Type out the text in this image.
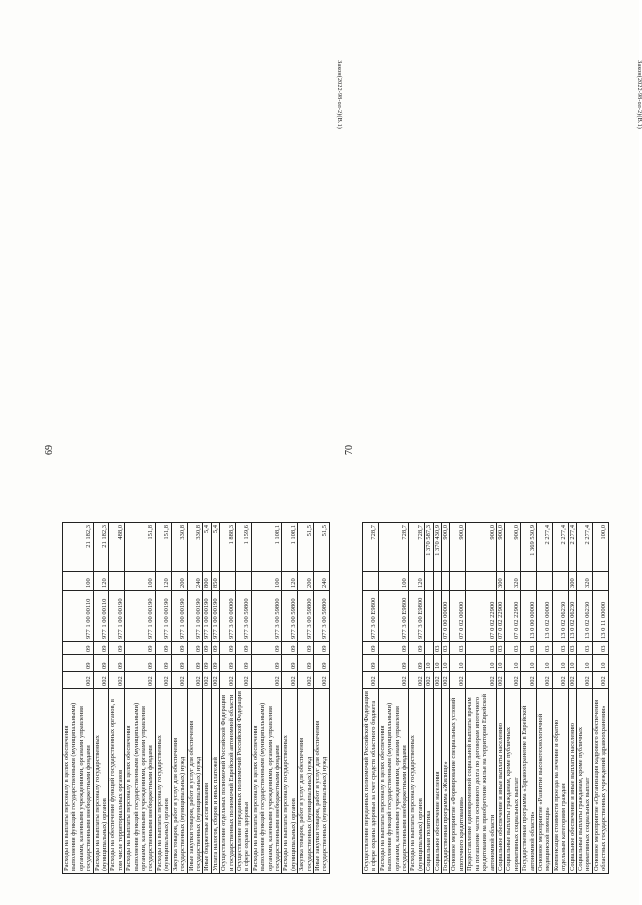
69
Расходы на выплаты персоналу в целях обеспечения выполнения функций государственными (муниципальными) органами, казенными учреждениями, органами управления государственными внебюджетными фондами	002	09	09	977 1 00 00110	100	21 182,3
Расходы на выплаты персоналу государственных (муниципальных) органов	002	09	09	977 1 00 00110	120	21 182,3
Расходы на обеспечение функций государственных органов, в том числе территориальных органов	002	09	09	977 1 00 00190		488,0
Расходы на выплаты персоналу в целях обеспечения выполнения функций государственными (муниципальными) органами, казенными учреждениями, органами управления государственными внебюджетными фондами	002	09	09	977 1 00 00190	100	151,8
Расходы на выплаты персоналу государственных (муниципальных) органов	002	09	09	977 1 00 00190	120	151,8
Закупка товаров, работ и услуг для обеспечения государственных (муниципальных) нужд	002	09	09	977 1 00 00190	200	330,8
Иные закупки товаров, работ и услуг для обеспечения государственных (муниципальных) нужд	002	09	09	977 1 00 00190	240	330,8
Иные бюджетные ассигнования	002	09	09	977 1 00 00190	800	5,4
Уплата налогов, сборов и иных платежей	002	09	09	977 1 00 00190	850	5,4
Осуществление отдельных полномочий Российской Федерации и государственных полномочий Еврейской автономной области	002	09	09	977 3 00 00000		1 888,3
Осуществление переданных полномочий Российской Федерации в сфере охраны здоровья	002	09	09	977 3 00 59800		1 159,6
Расходы на выплаты персоналу в целях обеспечения выполнения функций государственными (муниципальными) органами, казенными учреждениями, органами управления государственными внебюджетными фондами	002	09	09	977 3 00 59800	100	1 108,1
Расходы на выплаты персоналу государственных (муниципальных) органов	002	09	09	977 3 00 59800	120	1 108,1
Закупка товаров, работ и услуг для обеспечения государственных (муниципальных) нужд	002	09	09	977 3 00 59800	200	51,5
Иные закупки товаров, работ и услуг для обеспечения государственных (муниципальных) нужд	002	09	09	977 3 00 59800	240	51,5
Закон(2022-98-ол-2)(В.1)
70
Осуществление переданных полномочий Российской Федерации в сфере охраны здоровья за счет средств областного бюджета	002	09	09	977 3 00 Е9800		728,7
Расходы на выплаты персоналу в целях обеспечения выполнения функций государственными (муниципальными) органами, казенными учреждениями, органами управления государственными внебюджетными фондами	002	09	09	977 3 00 Е9800	100	728,7
Расходы на выплаты персоналу государственных (муниципальных) органов	002	09	09	977 3 00 Е9800	120	728,7
Социальная политика	002	10				1 370 587,3
Социальное обеспечение населения	002	10	03			1 370 430,9
Государственная программа «Жилище»	002	10	03	07 0 00 00000		900,0
Основное мероприятие «Формирование специальных условий ипотечного кредитования»	002	10	03	07 0 02 00000		900,0
Предоставление единовременной социальной выплаты врачам на погашение части основного долга по договорам ипотечного кредитования на приобретение жилья на территории Еврейской автономной области	002	10	03	07 0 02 22900		900,0
Социальное обеспечение и иные выплаты населению	002	10	03	07 0 02 22900	300	900,0
Социальные выплаты гражданам, кроме публичных нормативных социальных выплат	002	10	03	07 0 02 22900	320	900,0
Государственная программа «Здравоохранение в Еврейской автономной области»	002	10	03	13 0 00 00000		1 369 530,9
Основное мероприятие «Развитие высокотехнологичной медицинской помощи»	002	10	03	13 0 02 00000		2 277,4
Компенсация стоимости проезда на лечение и обратно отдельным категориям граждан	002	10	03	13 0 02 06230		2 277,4
Социальное обеспечение и иные выплаты населению	002	10	03	13 0 02 06230	300	2 277,4
Социальные выплаты гражданам, кроме публичных нормативных социальных выплат	002	10	03	13 0 02 06230	320	2 277,4
Основное мероприятие «Организация кадрового обеспечения областных государственных учреждений здравоохранения»	002	10	03	13 0 11 00000		100,0
Закон(2022-98-ол-2)(В.1)
